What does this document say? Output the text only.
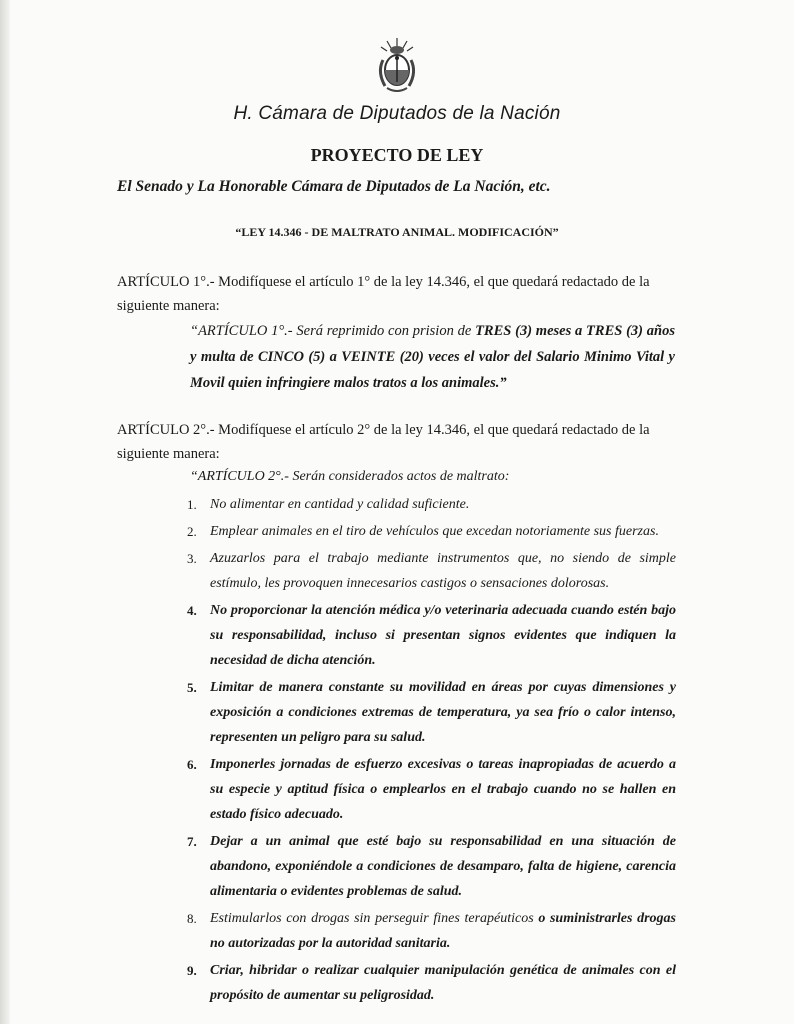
H. Cámara de Diputados de la Nación
PROYECTO DE LEY
El Senado y La Honorable Cámara de Diputados de La Nación, etc.
“LEY 14.346 - DE MALTRATO ANIMAL. MODIFICACIÓN”
ARTÍCULO 1°.- Modifíquese el artículo 1° de la ley 14.346, el que quedará redactado de la
siguiente manera:
“ARTÍCULO 1°.- Será reprimido con prision de TRES (3) meses a TRES (3) años y multa de CINCO (5) a VEINTE (20) veces el valor del Salario Minimo Vital y Movil quien infringiere malos tratos a los animales.”
ARTÍCULO 2°.- Modifíquese el artículo 2° de la ley 14.346, el que quedará redactado de la
siguiente manera:
“ARTÍCULO 2°.- Serán considerados actos de maltrato:
1. No alimentar en cantidad y calidad suficiente.
2. Emplear animales en el tiro de vehículos que excedan notoriamente sus fuerzas.
3. Azuzarlos para el trabajo mediante instrumentos que, no siendo de simple estímulo, les provoquen innecesarios castigos o sensaciones dolorosas.
4. No proporcionar la atención médica y/o veterinaria adecuada cuando estén bajo su responsabilidad, incluso si presentan signos evidentes que indiquen la necesidad de dicha atención.
5. Limitar de manera constante su movilidad en áreas por cuyas dimensiones y exposición a condiciones extremas de temperatura, ya sea frío o calor intenso, representen un peligro para su salud.
6. Imponerles jornadas de esfuerzo excesivas o tareas inapropiadas de acuerdo a su especie y aptitud física o emplearlos en el trabajo cuando no se hallen en estado físico adecuado.
7. Dejar a un animal que esté bajo su responsabilidad en una situación de abandono, exponiéndole a condiciones de desamparo, falta de higiene, carencia alimentaria o evidentes problemas de salud.
8. Estimularlos con drogas sin perseguir fines terapéuticos o suministrarles drogas no autorizadas por la autoridad sanitaria.
9. Criar, hibridar o realizar cualquier manipulación genética de animales con el propósito de aumentar su peligrosidad.
